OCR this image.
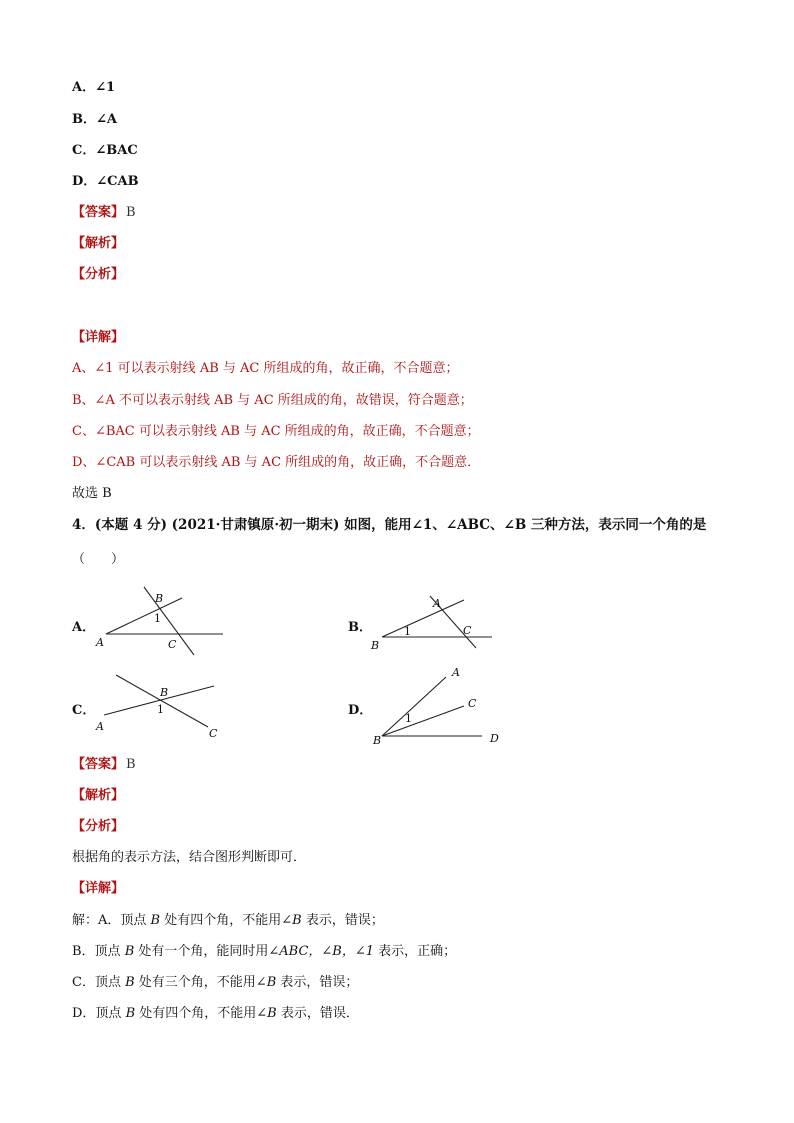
A．∠1
B．∠A
C．∠BAC
D．∠CAB
【答案】 B
【解析】
【分析】
【详解】
A、∠1 可以表示射线 AB 与 AC 所组成的角，故正确，不合题意；
B、∠A 不可以表示射线 AB 与 AC 所组成的角，故错误，符合题意；
C、∠BAC 可以表示射线 AB 与 AC 所组成的角，故正确，不合题意；
D、∠CAB 可以表示射线 AB 与 AC 所组成的角，故正确，不合题意．
故选 B
4．(本题 4 分) (2021·甘肃镇原·初一期末) 如图，能用∠1、∠ABC、∠B 三种方法，表示同一个角的是
（　　）
A．	B．
C．	D．
B
1
A	C
A
1
B
C
B
1
A
C
A
C
1
B	D
【答案】 B
【解析】
【分析】
根据角的表示方法，结合图形判断即可．
【详解】
解：A．顶点 B 处有四个角，不能用∠B 表示，错误；
B．顶点 B 处有一个角，能同时用∠ABC，∠B，∠1 表示，正确；
C．顶点 B 处有三个角，不能用∠B 表示，错误；
D．顶点 B 处有四个角，不能用∠B 表示，错误．
